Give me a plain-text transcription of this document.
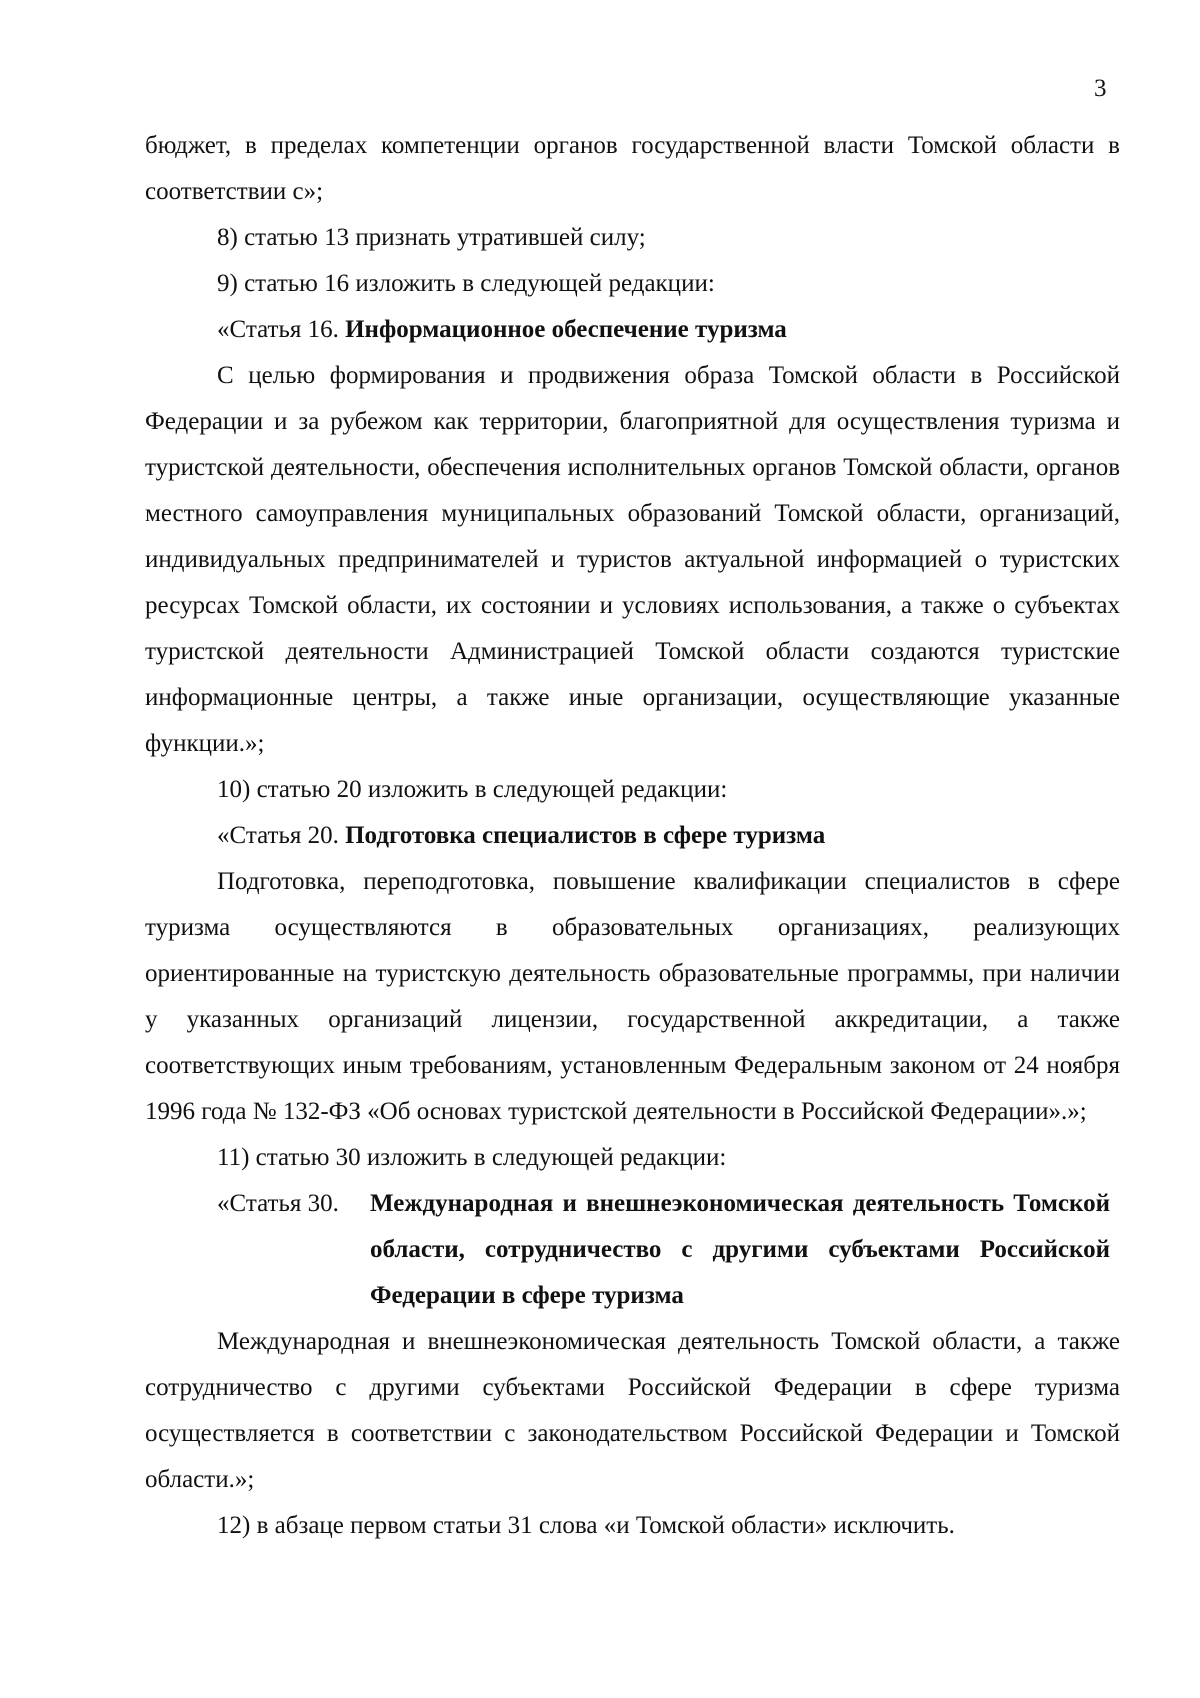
3

бюджет, в пределах компетенции органов государственной власти Томской области в соответствии с»;

8) статью 13 признать утратившей силу;

9) статью 16 изложить в следующей редакции:

«Статья 16. Информационное обеспечение туризма

С целью формирования и продвижения образа Томской области в Российской Федерации и за рубежом как территории, благоприятной для осуществления туризма и туристской деятельности, обеспечения исполнительных органов Томской области, органов местного самоуправления муниципальных образований Томской области, организаций, индивидуальных предпринимателей и туристов актуальной информацией о туристских ресурсах Томской области, их состоянии и условиях использования, а также о субъектах туристской деятельности Администрацией Томской области создаются туристские информационные центры, а также иные организации, осуществляющие указанные функции.»;

10) статью 20 изложить в следующей редакции:

«Статья 20. Подготовка специалистов в сфере туризма

Подготовка, переподготовка, повышение квалификации специалистов в сфере туризма осуществляются в образовательных организациях, реализующих ориентированные на туристскую деятельность образовательные программы, при наличии у указанных организаций лицензии, государственной аккредитации, а также соответствующих иным требованиям, установленным Федеральным законом от 24 ноября 1996 года № 132-ФЗ «Об основах туристской деятельности в Российской Федерации».»;

11) статью 30 изложить в следующей редакции:

«Статья 30.	Международная и внешнеэкономическая деятельность Томской области, сотрудничество с другими субъектами Российской Федерации в сфере туризма

Международная и внешнеэкономическая деятельность Томской области, а также сотрудничество с другими субъектами Российской Федерации в сфере туризма осуществляется в соответствии с законодательством Российской Федерации и Томской области.»;

12) в абзаце первом статьи 31 слова «и Томской области» исключить.
